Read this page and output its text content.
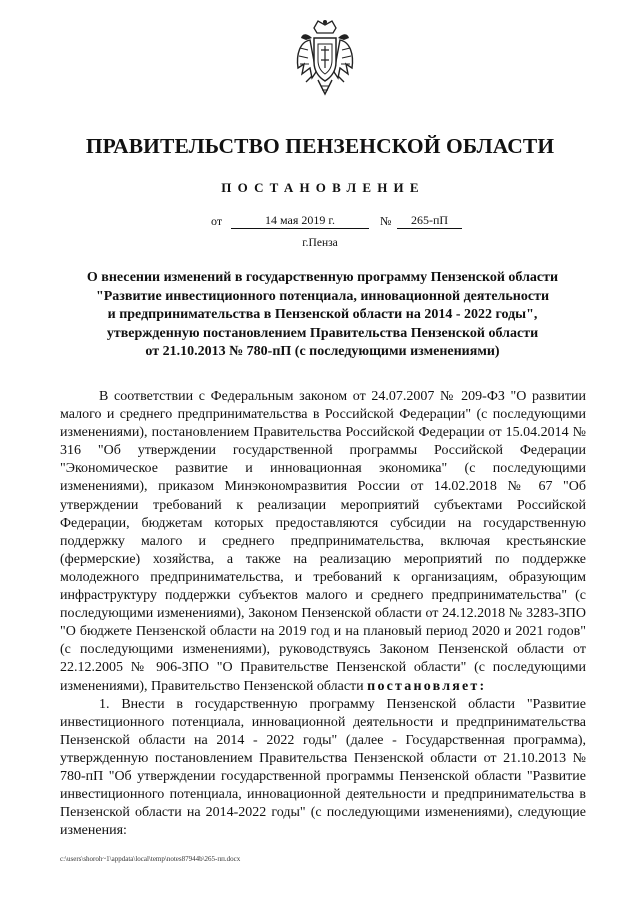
ПРАВИТЕЛЬСТВО ПЕНЗЕНСКОЙ ОБЛАСТИ
ПОСТАНОВЛЕНИЕ
от	14 мая 2019 г.	№	265-пП
г.Пенза
О внесении изменений в государственную программу Пензенской области
"Развитие инвестиционного потенциала, инновационной деятельности
и предпринимательства в Пензенской области на 2014 - 2022 годы",
утвержденную постановлением Правительства Пензенской области
от 21.10.2013 № 780-пП (с последующими изменениями)

В соответствии с Федеральным законом от 24.07.2007 № 209-ФЗ "О развитии малого и среднего предпринимательства в Российской Федерации" (с последующими изменениями), постановлением Правительства Российской Федерации от 15.04.2014 № 316 "Об утверждении государственной программы Российской Федерации "Экономическое развитие и инновационная экономика" (с последующими изменениями), приказом Минэкономразвития России от 14.02.2018 № 67 "Об утверждении требований к реализации мероприятий субъектами Российской Федерации, бюджетам которых предоставляются субсидии на государственную поддержку малого и среднего предпринимательства, включая крестьянские (фермерские) хозяйства, а также на реализацию мероприятий по поддержке молодежного предпринимательства, и требований к организациям, образующим инфраструктуру поддержки субъектов малого и среднего предпринимательства" (с последующими изменениями), Законом Пензенской области от 24.12.2018 № 3283-ЗПО "О бюджете Пензенской области на 2019 год и на плановый период 2020 и 2021 годов" (с последующими изменениями), руководствуясь Законом Пензенской области от 22.12.2005 № 906-ЗПО "О Правительстве Пензенской области" (с последующими изменениями), Правительство Пензенской области постановляет:

1. Внести в государственную программу Пензенской области "Развитие инвестиционного потенциала, инновационной деятельности и предпринимательства Пензенской области на 2014 - 2022 годы" (далее - Государственная программа), утвержденную постановлением Правительства Пензенской области от 21.10.2013 № 780-пП "Об утверждении государственной программы Пензенской области "Развитие инвестиционного потенциала, инновационной деятельности и предпринимательства в Пензенской области на 2014-2022 годы" (с последующими изменениями), следующие изменения:

c:\users\shoroh~1\appdata\local\temp\notes87944b\265-пп.docx
